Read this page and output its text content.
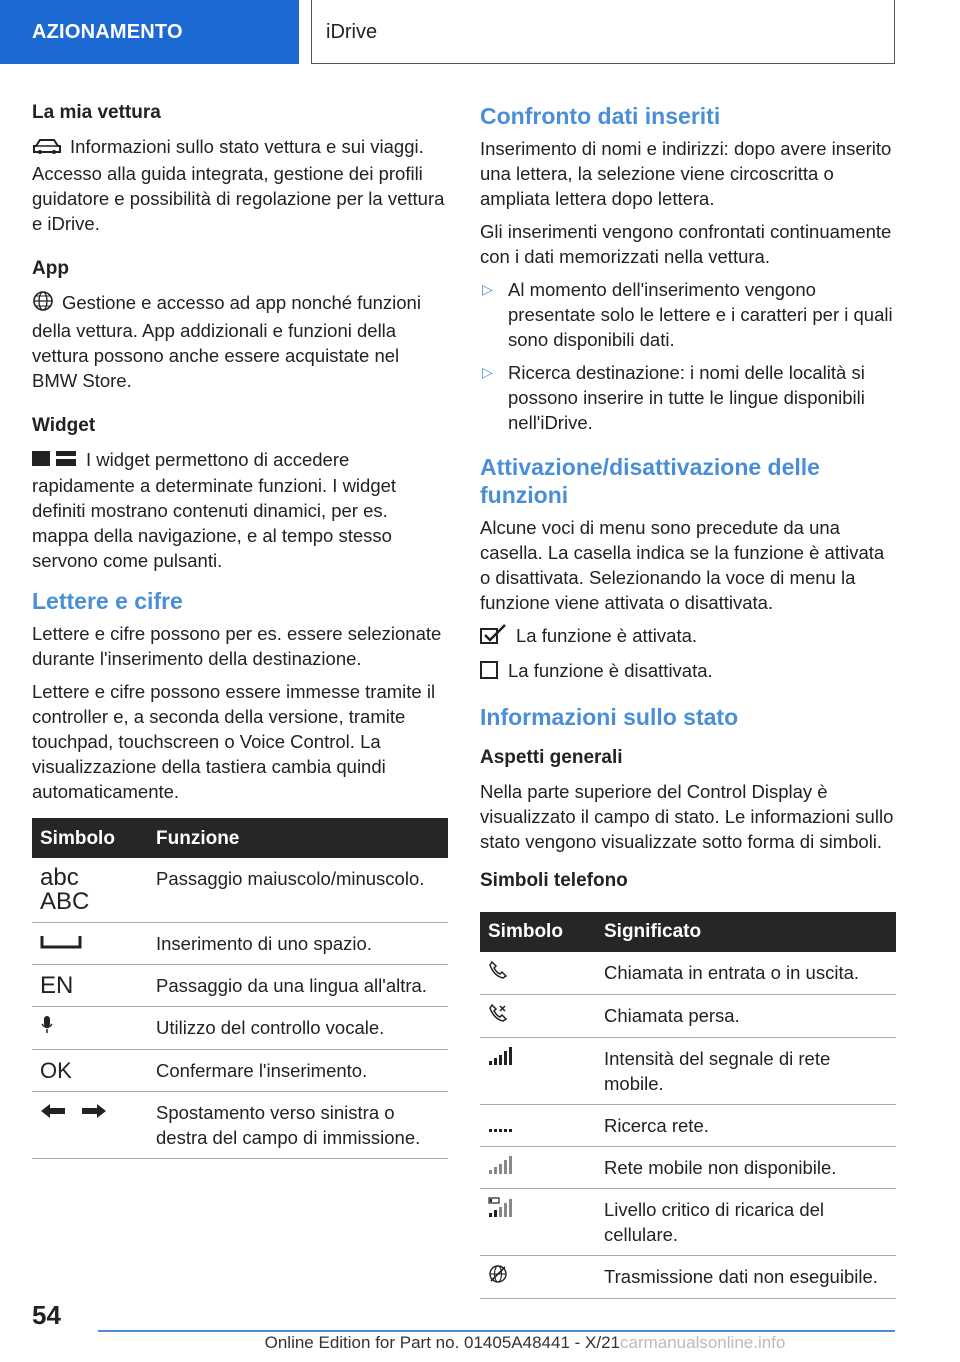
AZIONAMENTO	iDrive
La mia vettura

Informazioni sullo stato vettura e sui viaggi. Accesso alla guida integrata, gestione dei profili guidatore e possibilità di regolazione per la vettura e iDrive.

App

Gestione e accesso ad app nonché funzioni della vettura. App addizionali e funzioni della vettura possono anche essere acquistate nel BMW Store.

Widget

I widget permettono di accedere rapidamente a determinate funzioni. I widget definiti mostrano contenuti dinamici, per es. mappa della navigazione, e al tempo stesso servono come pulsanti.

Lettere e cifre

Lettere e cifre possono per es. essere selezionate durante l'inserimento della destinazione.

Lettere e cifre possono essere immesse tramite il controller e, a seconda della versione, tramite touchpad, touchscreen o Voice Control. La visualizzazione della tastiera cambia quindi automaticamente.

Simbolo	Funzione

abc
ABC	Passaggio maiuscolo/minuscolo.
	Inserimento di uno spazio.
EN	Passaggio da una lingua all'altra.
	Utilizzo del controllo vocale.
OK	Confermare l'inserimento.
	Spostamento verso sinistra o destra del campo di immissione.
Confronto dati inseriti

Inserimento di nomi e indirizzi: dopo avere inserito una lettera, la selezione viene circoscritta o ampliata lettera dopo lettera.

Gli inserimenti vengono confrontati continuamente con i dati memorizzati nella vettura.

▷ Al momento dell'inserimento vengono presentate solo le lettere e i caratteri per i quali sono disponibili dati.
▷ Ricerca destinazione: i nomi delle località si possono inserire in tutte le lingue disponibili nell'iDrive.
Attivazione/disattivazione delle funzioni

Alcune voci di menu sono precedute da una casella. La casella indica se la funzione è attivata o disattivata. Selezionando la voce di menu la funzione viene attivata o disattivata.

La funzione è attivata.

La funzione è disattivata.

Informazioni sullo stato
Aspetti generali

Nella parte superiore del Control Display è visualizzato il campo di stato. Le informazioni sullo stato vengono visualizzate sotto forma di simboli.

Simboli telefono
Simbolo	Significato
	Chiamata in entrata o in uscita.
	Chiamata persa.
	Intensità del segnale di rete mobile.
	Ricerca rete.
	Rete mobile non disponibile.
	Livello critico di ricarica del cellulare.
	Trasmissione dati non eseguibile.
54
Online Edition for Part no. 01405A48441 - X/21carmanualsonline.info
